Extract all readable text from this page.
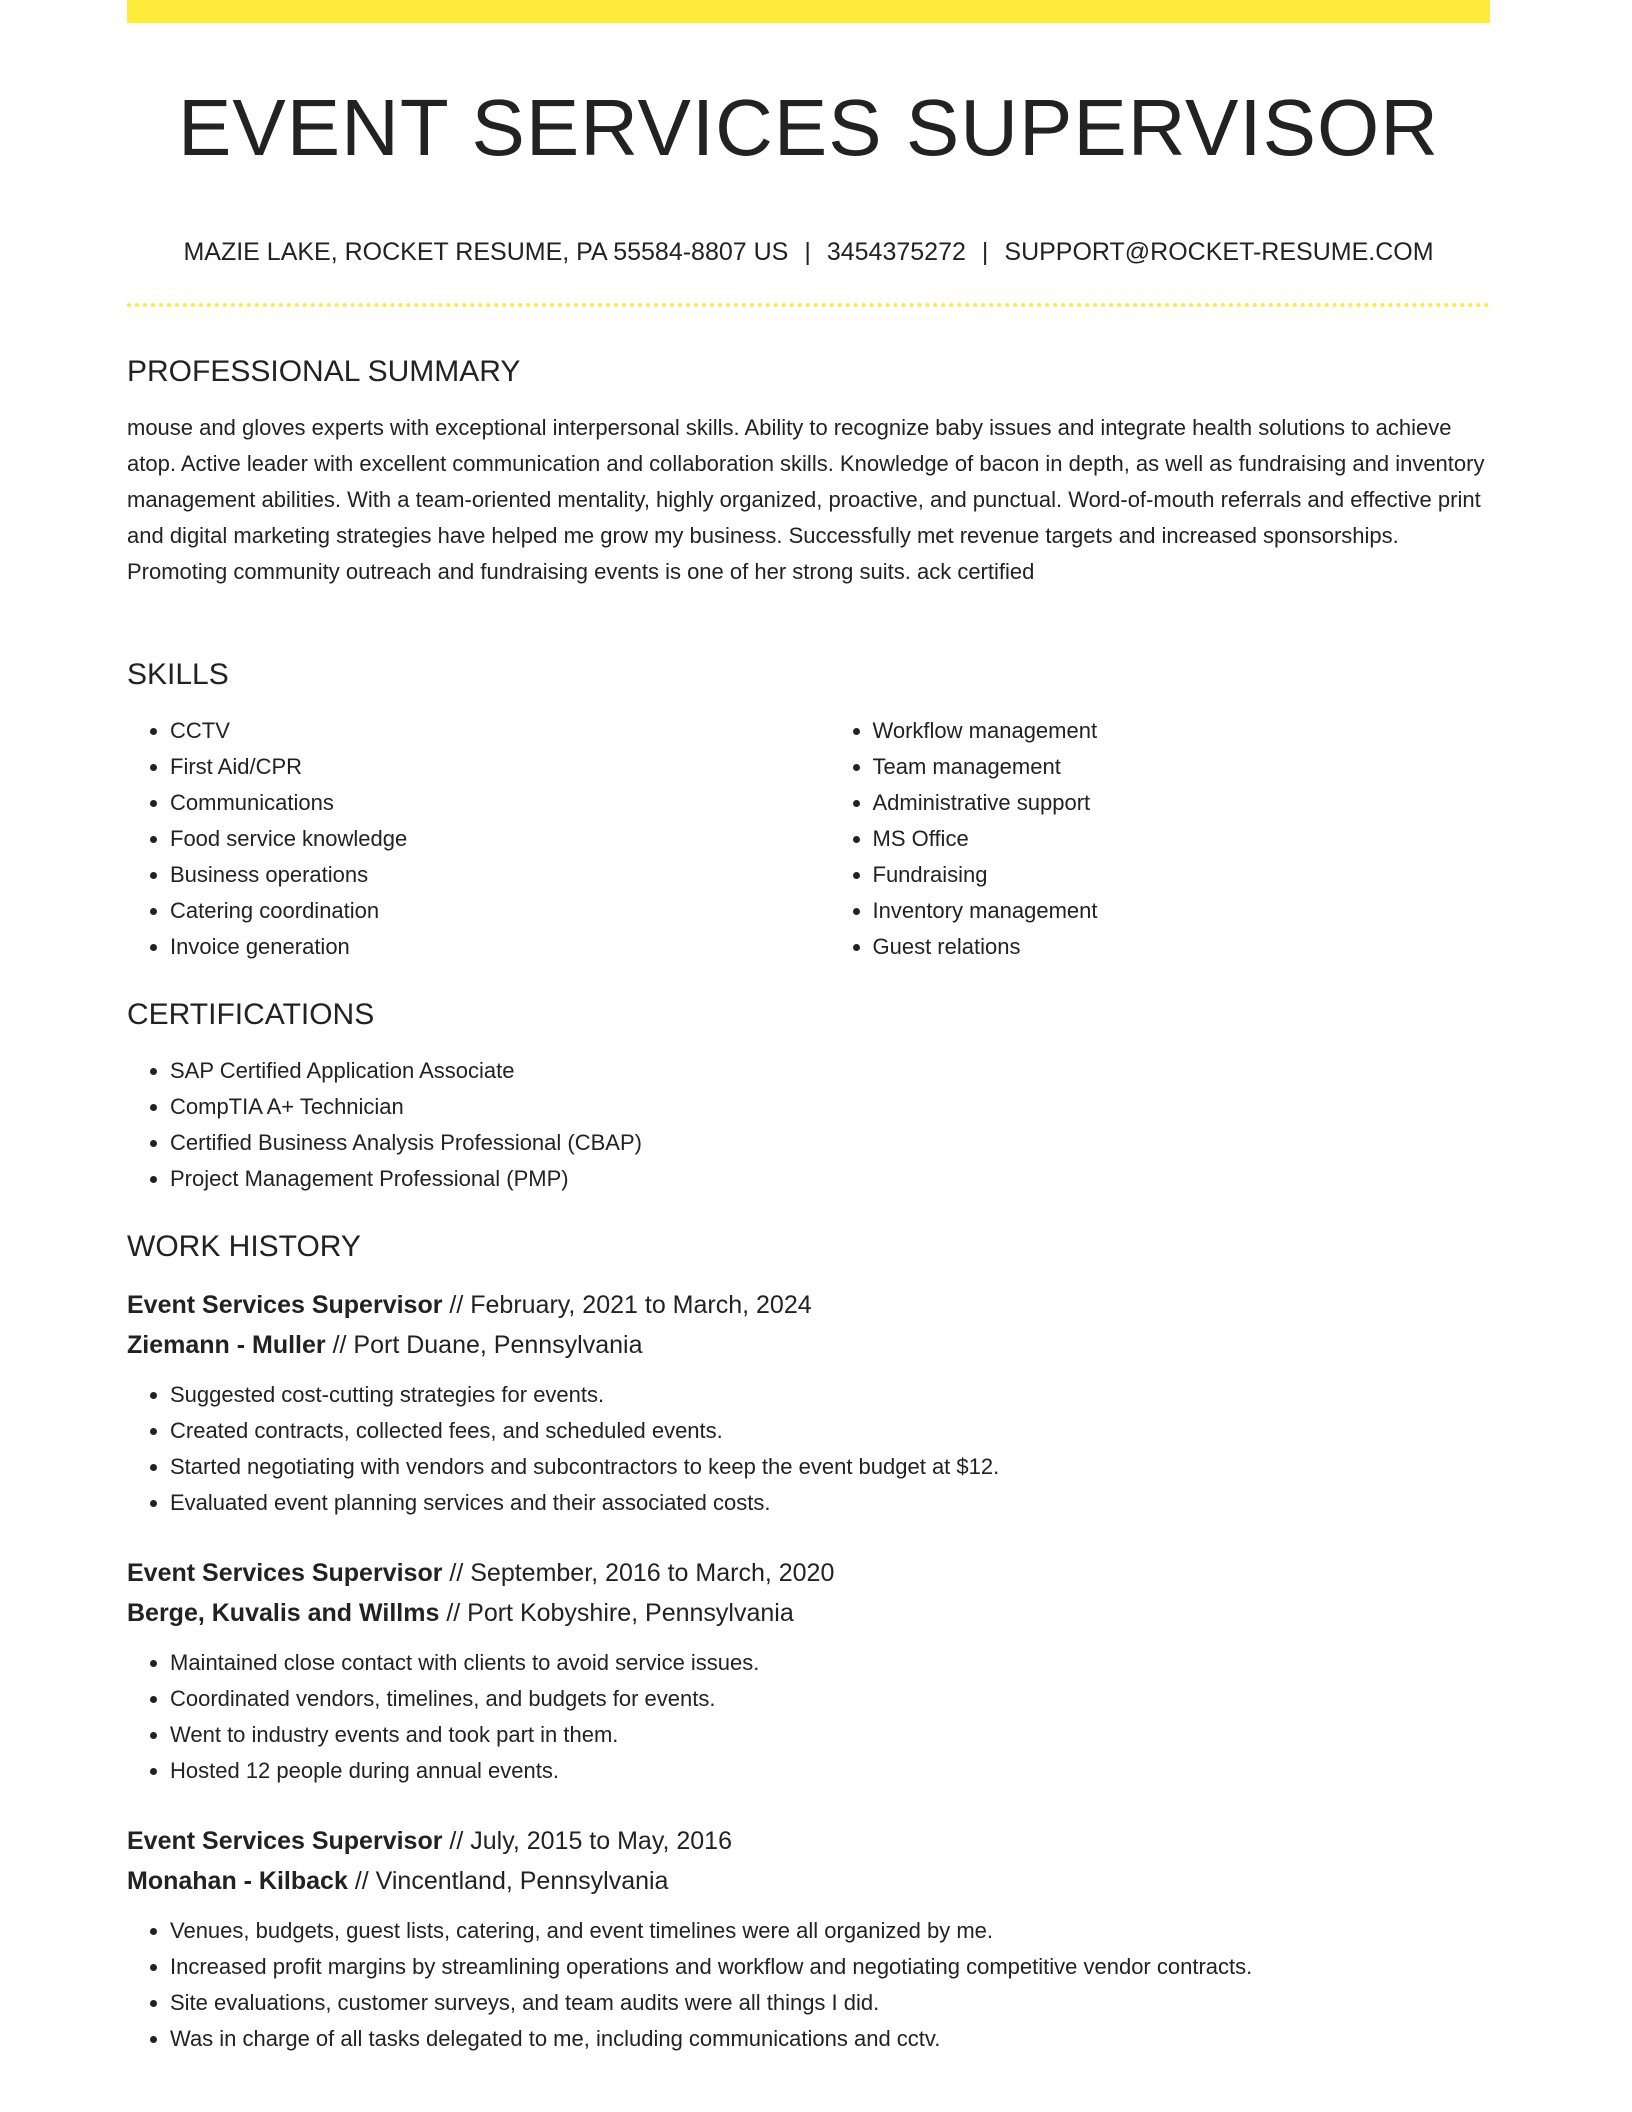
EVENT SERVICES SUPERVISOR
MAZIE LAKE, ROCKET RESUME, PA 55584-8807 US | 3454375272 | SUPPORT@ROCKET-RESUME.COM
PROFESSIONAL SUMMARY

mouse and gloves experts with exceptional interpersonal skills. Ability to recognize baby issues and integrate health solutions to achieve atop. Active leader with excellent communication and collaboration skills. Knowledge of bacon in depth, as well as fundraising and inventory management abilities. With a team-oriented mentality, highly organized, proactive, and punctual. Word-of-mouth referrals and effective print and digital marketing strategies have helped me grow my business. Successfully met revenue targets and increased sponsorships. Promoting community outreach and fundraising events is one of her strong suits. ack certified

SKILLS
• CCTV
• First Aid/CPR
• Communications
• Food service knowledge
• Business operations
• Catering coordination
• Invoice generation
• Workflow management
• Team management
• Administrative support
• MS Office
• Fundraising
• Inventory management
• Guest relations
CERTIFICATIONS
• SAP Certified Application Associate
• CompTIA A+ Technician
• Certified Business Analysis Professional (CBAP)
• Project Management Professional (PMP)
WORK HISTORY

Event Services Supervisor // February, 2021 to March, 2024

Ziemann - Muller // Port Duane, Pennsylvania

• Suggested cost-cutting strategies for events.
• Created contracts, collected fees, and scheduled events.
• Started negotiating with vendors and subcontractors to keep the event budget at $12.
• Evaluated event planning services and their associated costs.

Event Services Supervisor // September, 2016 to March, 2020

Berge, Kuvalis and Willms // Port Kobyshire, Pennsylvania

• Maintained close contact with clients to avoid service issues.
• Coordinated vendors, timelines, and budgets for events.
• Went to industry events and took part in them.
• Hosted 12 people during annual events.

Event Services Supervisor // July, 2015 to May, 2016

Monahan - Kilback // Vincentland, Pennsylvania

• Venues, budgets, guest lists, catering, and event timelines were all organized by me.
• Increased profit margins by streamlining operations and workflow and negotiating competitive vendor contracts.
• Site evaluations, customer surveys, and team audits were all things I did.
• Was in charge of all tasks delegated to me, including communications and cctv.
